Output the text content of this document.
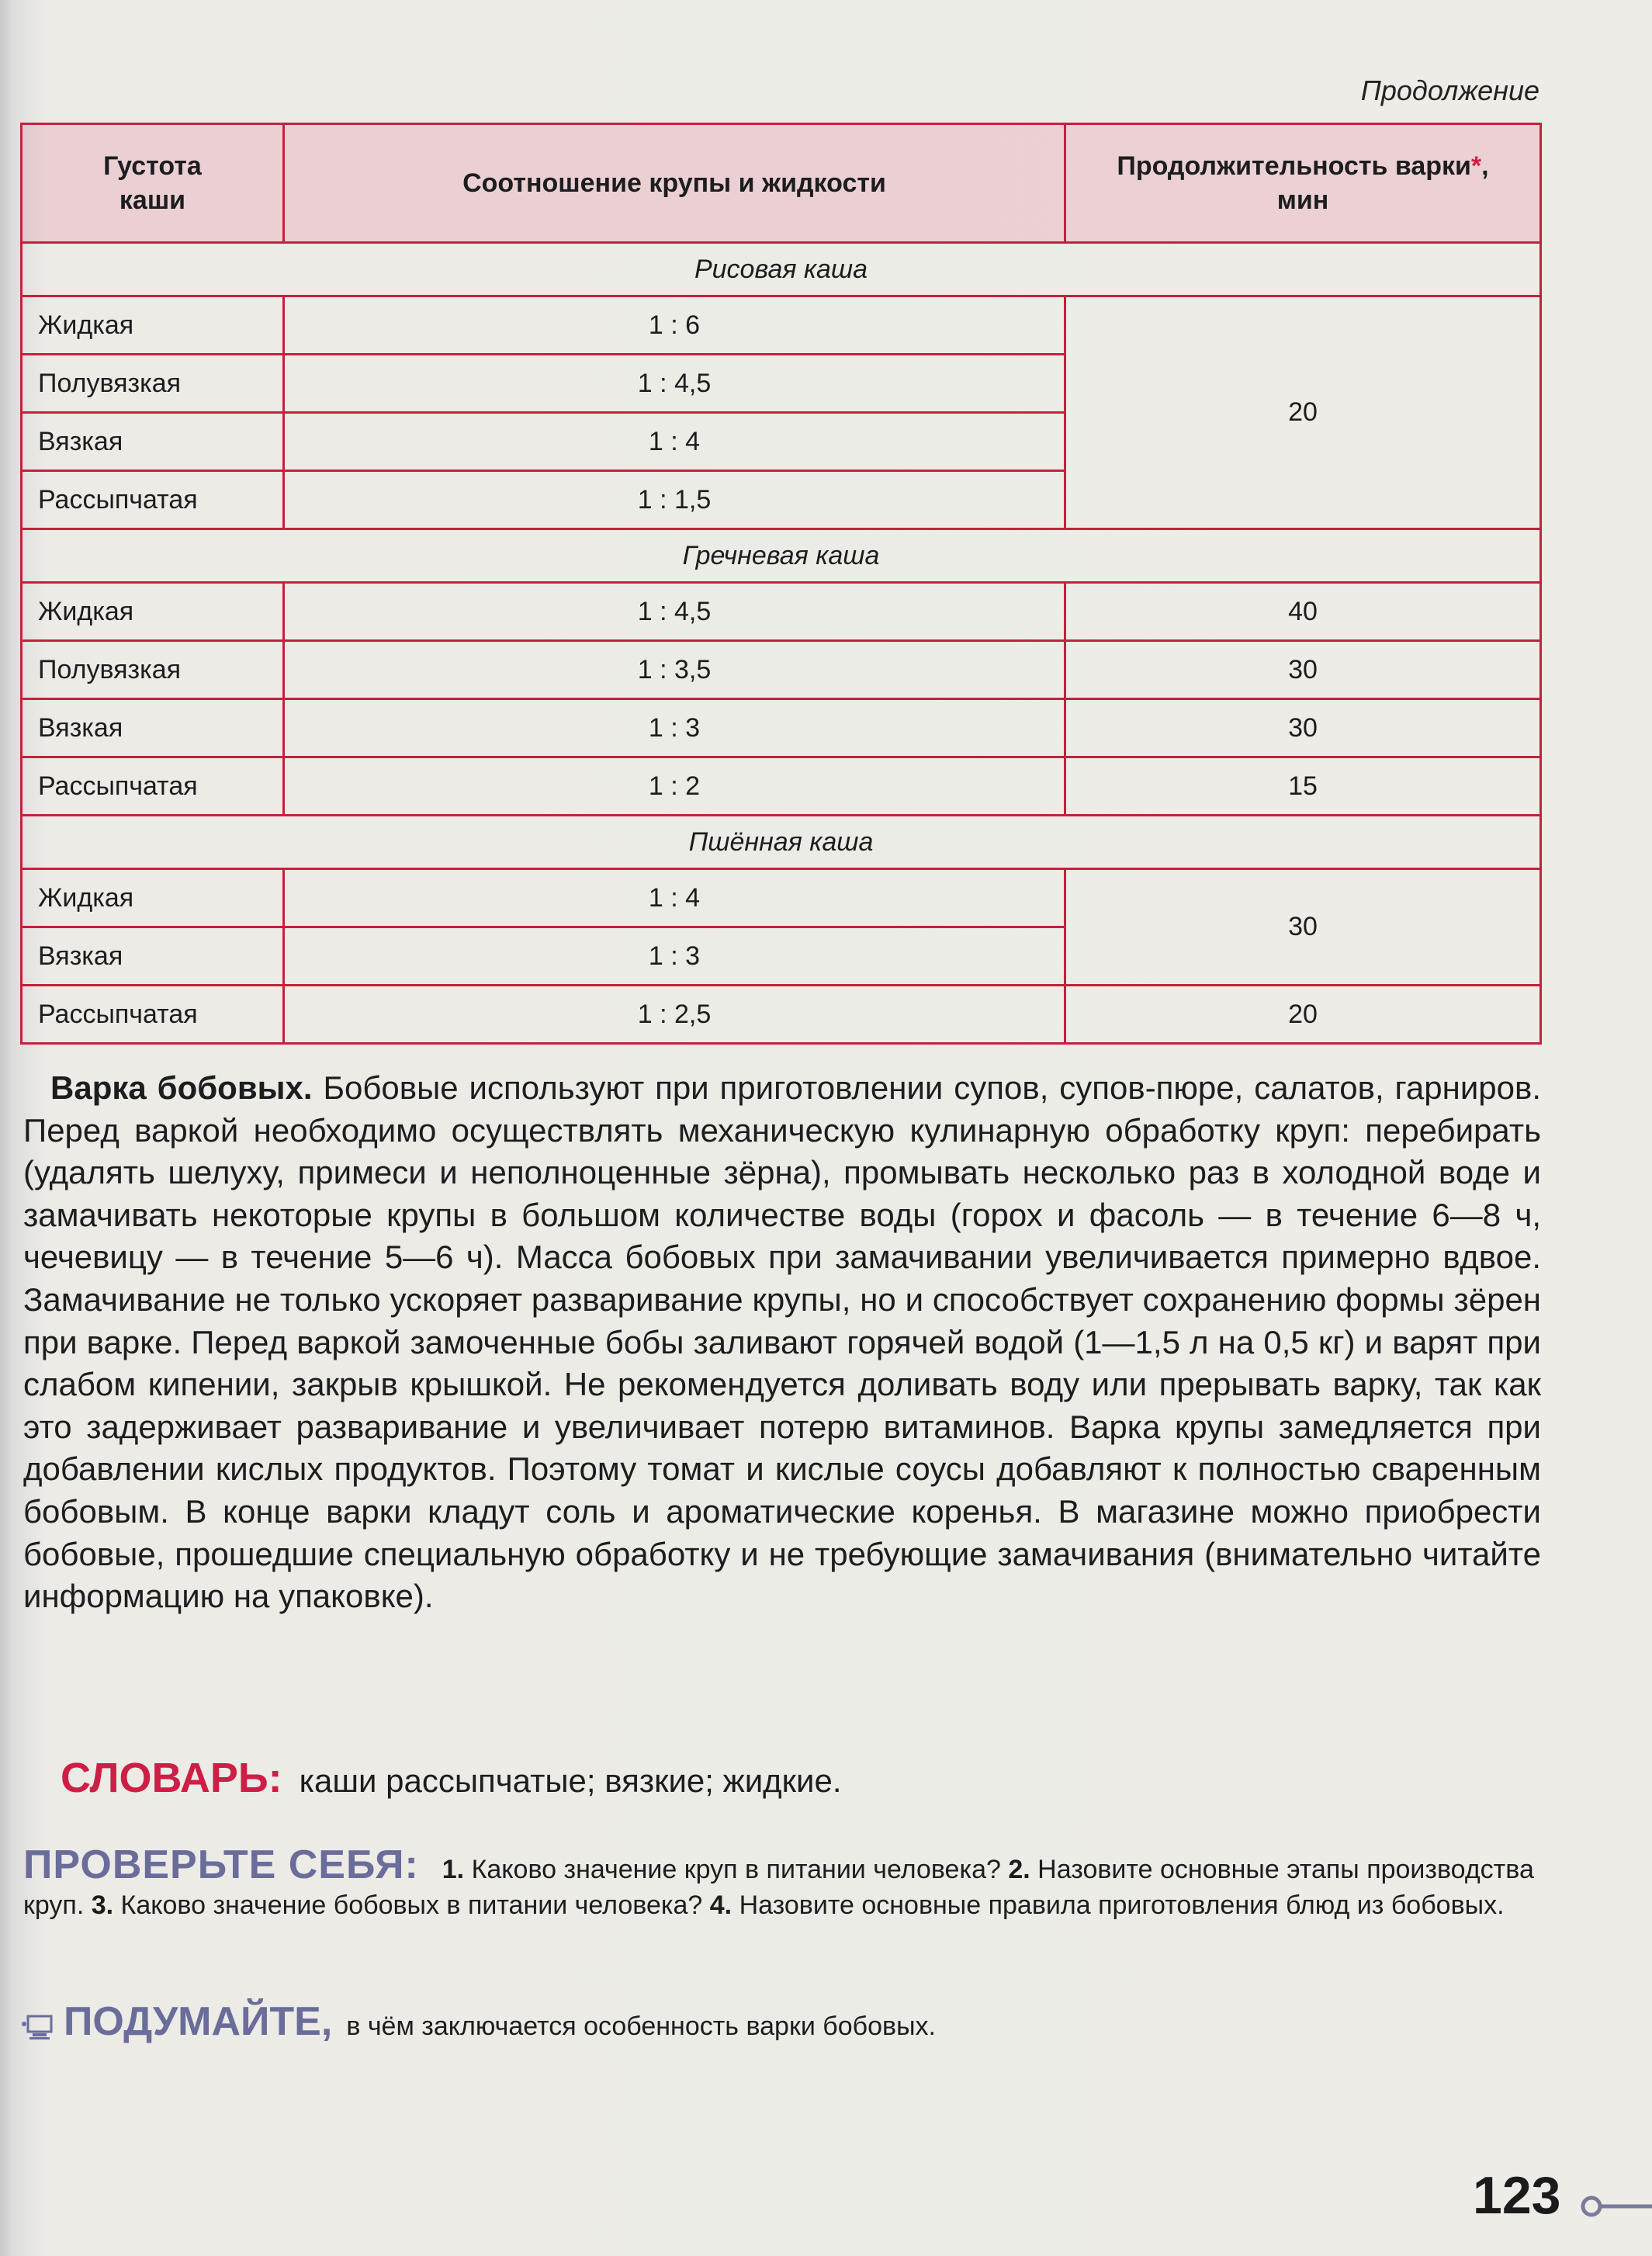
Продолжение
Густота каши	Соотношение крупы и жидкости	Продолжительность варки*, мин
Рисовая каша		
Жидкая	1 : 6	20
Полувязкая	1 : 4,5	
Вязкая	1 : 4	
Рассыпчатая	1 : 1,5	
Гречневая каша		
Жидкая	1 : 4,5	40
Полувязкая	1 : 3,5	30
Вязкая	1 : 3	30
Рассыпчатая	1 : 2	15
Пшённая каша		
Жидкая	1 : 4	30
Вязкая	1 : 3	
Рассыпчатая	1 : 2,5	20

Варка бобовых. Бобовые используют при приготовлении супов, супов-пюре, салатов, гарниров. Перед варкой необходимо осуществлять механическую кулинарную обработку круп: перебирать (удалять шелуху, примеси и неполноценные зёрна), промывать несколько раз в холодной воде и замачивать некоторые крупы в большом количестве воды (горох и фасоль — в течение 6—8 ч, чечевицу — в течение 5—6 ч). Масса бобовых при замачивании увеличивается примерно вдвое. Замачивание не только ускоряет разваривание крупы, но и способствует сохранению формы зёрен при варке. Перед варкой замоченные бобы заливают горячей водой (1—1,5 л на 0,5 кг) и варят при слабом кипении, закрыв крышкой. Не рекомендуется доливать воду или прерывать варку, так как это задерживает разваривание и увеличивает потерю витаминов. Варка крупы замедляется при добавлении кислых продуктов. Поэтому томат и кислые соусы добавляют к полностью сваренным бобовым. В конце варки кладут соль и ароматические коренья. В магазине можно приобрести бобовые, прошедшие специальную обработку и не требующие замачивания (внимательно читайте информацию на упаковке).

СЛОВАРЬ: каши рассыпчатые; вязкие; жидкие.

ПРОВЕРЬТЕ СЕБЯ: 1. Каково значение круп в питании человека? 2. Назовите основные этапы производства круп. 3. Каково значение бобовых в питании человека? 4. Назовите основные правила приготовления блюд из бобовых.

ПОДУМАЙТЕ, в чём заключается особенность варки бобовых.
123
